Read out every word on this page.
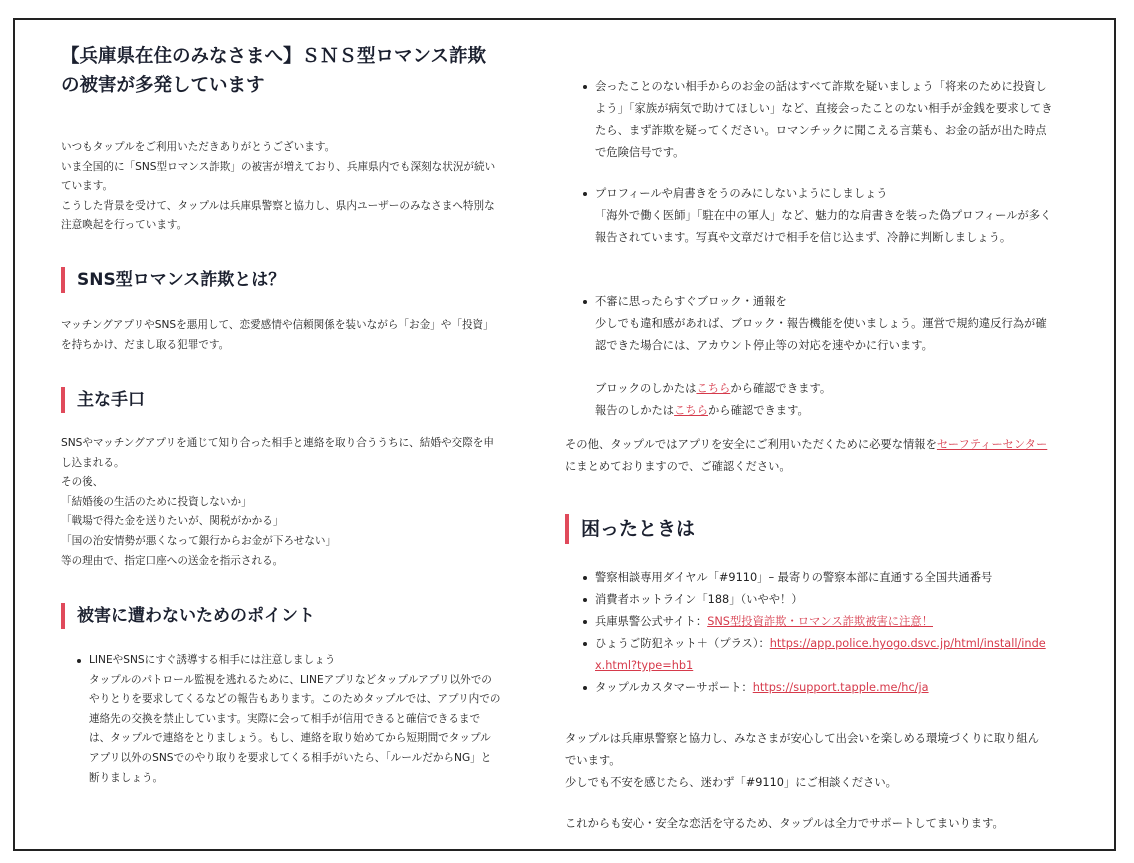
【兵庫県在住のみなさまへ】ＳＮＳ型ロマンス詐欺の被害が多発しています
いつもタップルをご利用いただきありがとうございます。
いま全国的に「SNS型ロマンス詐欺」の被害が増えており、兵庫県内でも深刻な状況が続いています。
こうした背景を受けて、タップルは兵庫県警察と協力し、県内ユーザーのみなさまへ特別な注意喚起を行っています。
SNS型ロマンス詐欺とは？
マッチングアプリやSNSを悪用して、恋愛感情や信頼関係を装いながら「お金」や「投資」を持ちかけ、だまし取る犯罪です。
主な手口
SNSやマッチングアプリを通じて知り合った相手と連絡を取り合ううちに、結婚や交際を申し込まれる。
その後、
「結婚後の生活のために投資しないか」
「戦場で得た金を送りたいが、関税がかかる」
「国の治安情勢が悪くなって銀行からお金が下ろせない」
等の理由で、指定口座への送金を指示される。
被害に遭わないためのポイント
LINEやSNSにすぐ誘導する相手には注意しましょう
タップルのパトロール監視を逃れるために、LINEアプリなどタップルアプリ以外でのやりとりを要求してくるなどの報告もあります。このためタップルでは、アプリ内での連絡先の交換を禁止しています。実際に会って相手が信用できると確信できるまでは、タップルで連絡をとりましょう。もし、連絡を取り始めてから短期間でタップルアプリ以外のSNSでのやり取りを要求してくる相手がいたら、「ルールだからNG」と断りましょう。
会ったことのない相手からのお金の話はすべて詐欺を疑いましょう「将来のために投資しよう」「家族が病気で助けてほしい」など、直接会ったことのない相手が金銭を要求してきたら、まず詐欺を疑ってください。ロマンチックに聞こえる言葉も、お金の話が出た時点で危険信号です。
プロフィールや肩書きをうのみにしないようにしましょう
「海外で働く医師」「駐在中の軍人」など、魅力的な肩書きを装った偽プロフィールが多く報告されています。写真や文章だけで相手を信じ込まず、冷静に判断しましょう。
不審に思ったらすぐブロック・通報を
少しでも違和感があれば、ブロック・報告機能を使いましょう。運営で規約違反行為が確認できた場合には、アカウント停止等の対応を速やかに行います。
ブロックのしかたはこちらから確認できます。
報告のしかたはこちらから確認できます。
その他、タップルではアプリを安全にご利用いただくために必要な情報をセーフティーセンターにまとめておりますので、ご確認ください。
困ったときは
警察相談専用ダイヤル「#9110」– 最寄りの警察本部に直通する全国共通番号
消費者ホットライン「188」（いやや！）
兵庫県警公式サイト：SNS型投資詐欺・ロマンス詐欺被害に注意！
ひょうご防犯ネット＋（プラス）：https://app.police.hyogo.dsvc.jp/html/install/index.html?type=hb1
タップルカスタマーサポート：https://support.tapple.me/hc/ja
タップルは兵庫県警察と協力し、みなさまが安心して出会いを楽しめる環境づくりに取り組んでいます。
少しでも不安を感じたら、迷わず「#9110」にご相談ください。
これからも安心・安全な恋活を守るため、タップルは全力でサポートしてまいります。
